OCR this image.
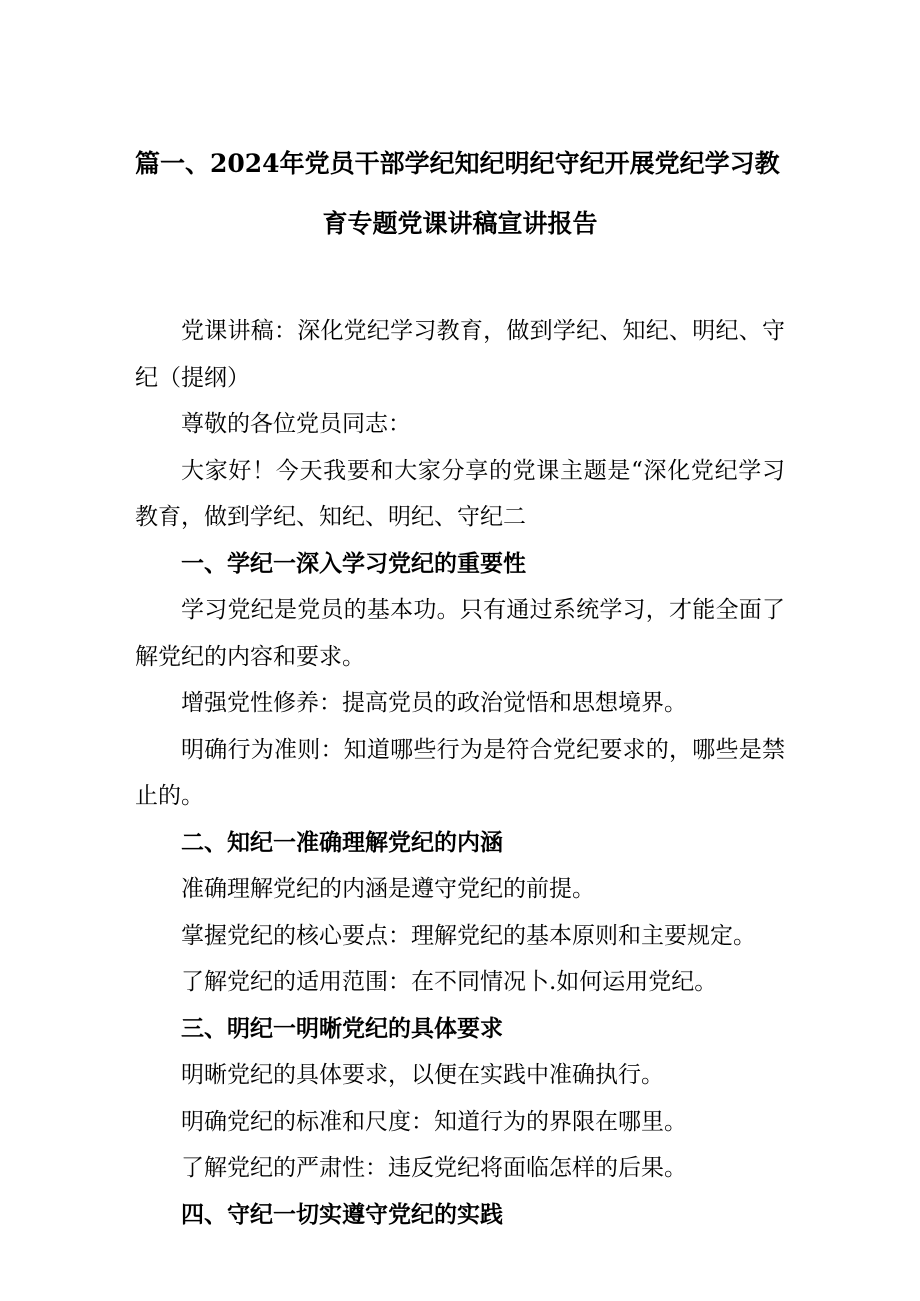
篇一、2024年党员干部学纪知纪明纪守纪开展党纪学习教
育专题党课讲稿宣讲报告

党课讲稿：深化党纪学习教育，做到学纪、知纪、明纪、守纪（提纲）

尊敬的各位党员同志：

大家好！今天我要和大家分享的党课主题是“深化党纪学习教育，做到学纪、知纪、明纪、守纪二

一、学纪一深入学习党纪的重要性

学习党纪是党员的基本功。只有通过系统学习，才能全面了解党纪的内容和要求。

增强党性修养：提高党员的政治觉悟和思想境界。

明确行为准则：知道哪些行为是符合党纪要求的，哪些是禁止的。

二、知纪一准确理解党纪的内涵

准确理解党纪的内涵是遵守党纪的前提。

掌握党纪的核心要点：理解党纪的基本原则和主要规定。

了解党纪的适用范围：在不同情况卜.如何运用党纪。

三、明纪一明晰党纪的具体要求

明晰党纪的具体要求，以便在实践中准确执行。

明确党纪的标准和尺度：知道行为的界限在哪里。

了解党纪的严肃性：违反党纪将面临怎样的后果。

四、守纪一切实遵守党纪的实践
